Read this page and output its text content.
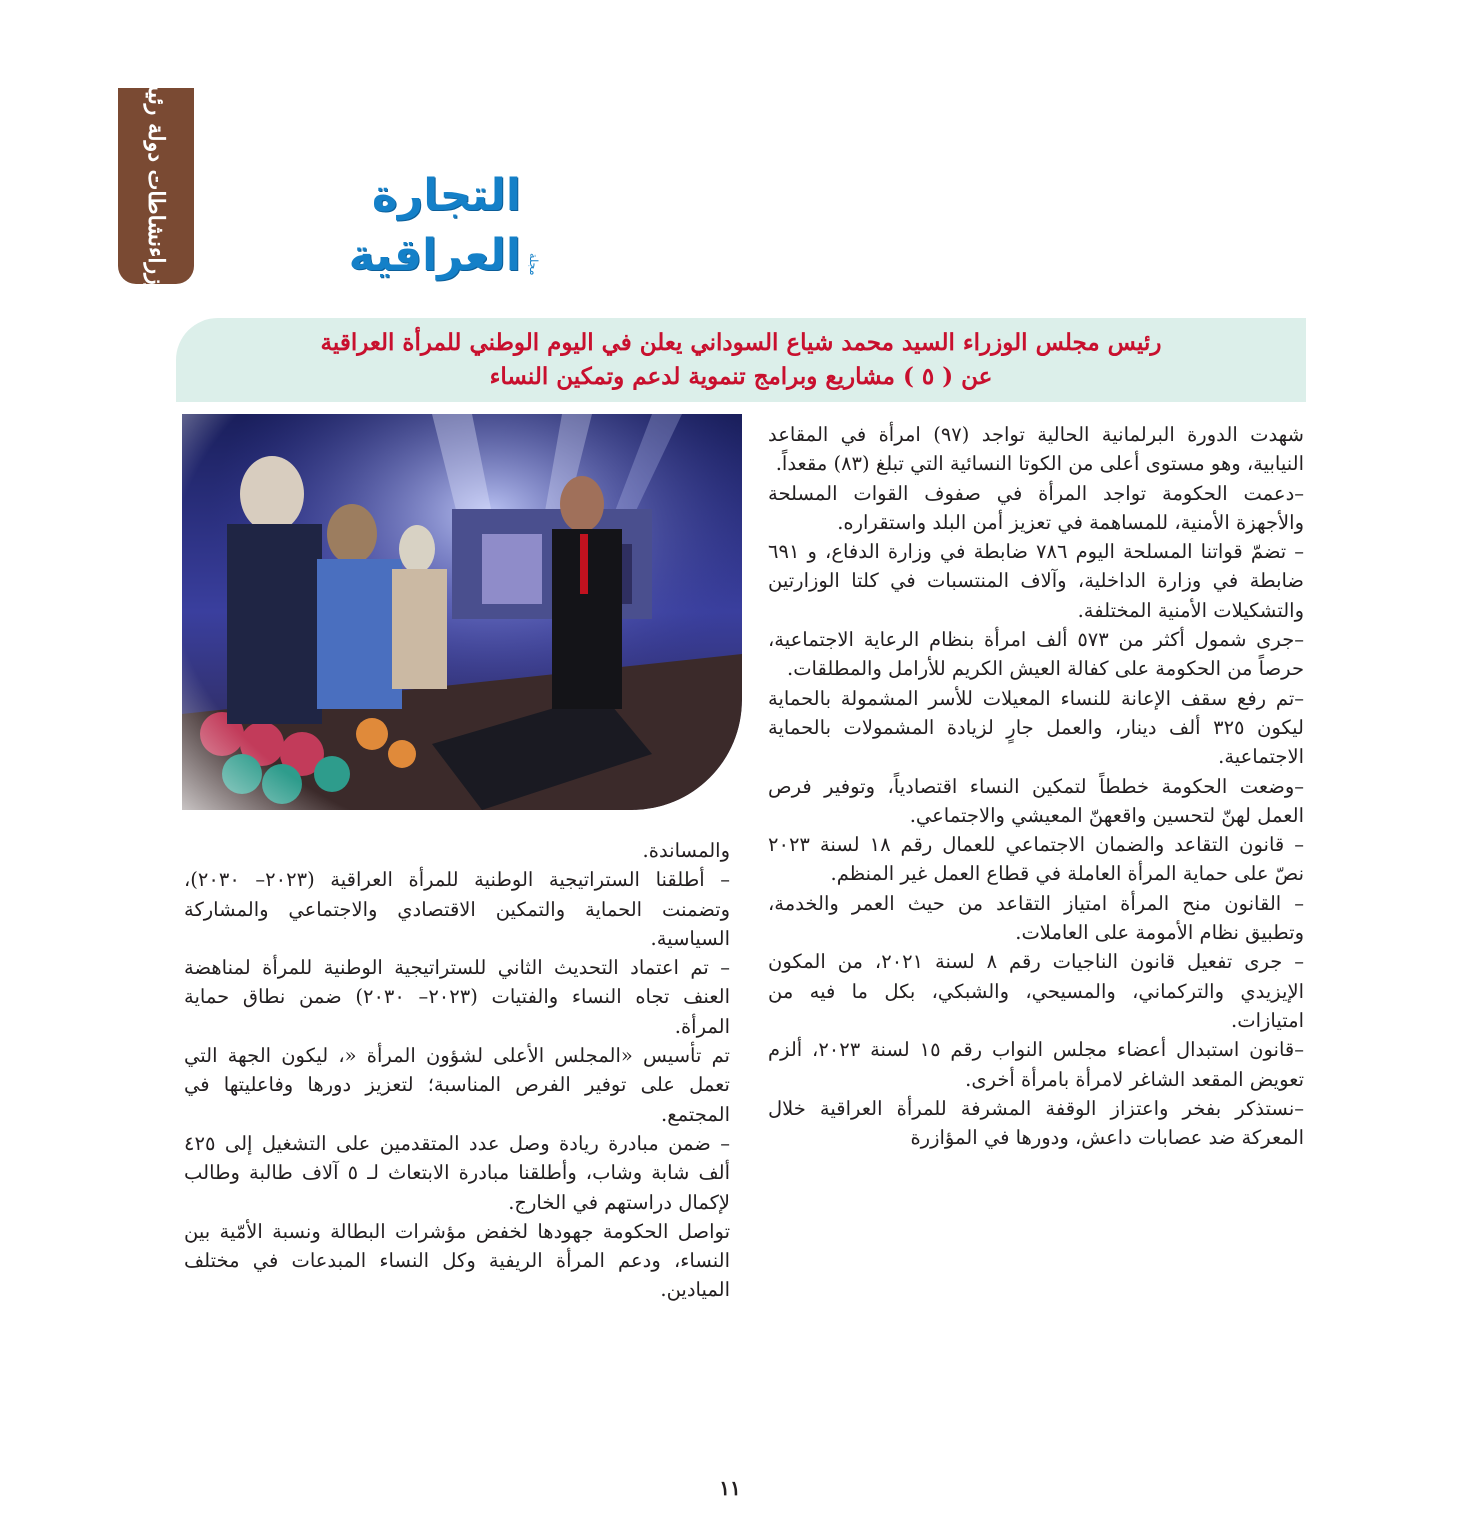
نشاطات دولة رئيس
الوزراء	مجلة
التجارة العراقية
رئيس مجلس الوزراء السيد محمد شياع السوداني يعلن في اليوم الوطني للمرأة العراقية
عن ( ٥ ) مشاريع وبرامج تنموية لدعم وتمكين النساء

شهدت الدورة البرلمانية الحالية تواجد (٩٧) امرأة في المقاعد النيابية، وهو مستوى أعلى من الكوتا النسائية التي تبلغ (٨٣) مقعداً.

–دعمت الحكومة تواجد المرأة في صفوف القوات المسلحة والأجهزة الأمنية، للمساهمة في تعزيز أمن البلد واستقراره.

– تضمّ قواتنا المسلحة اليوم ٧٨٦ ضابطة في وزارة الدفاع، و ٦٩١ ضابطة في وزارة الداخلية، وآلاف المنتسبات في كلتا الوزارتين والتشكيلات الأمنية المختلفة.

–جرى شمول أكثر من ٥٧٣ ألف امرأة بنظام الرعاية الاجتماعية، حرصاً من الحكومة على كفالة العيش الكريم للأرامل والمطلقات.

–تم رفع سقف الإعانة للنساء المعيلات للأسر المشمولة بالحماية ليكون ٣٢٥ ألف دينار، والعمل جارٍ لزيادة المشمولات بالحماية الاجتماعية.

–وضعت الحكومة خططاً لتمكين النساء اقتصادياً، وتوفير فرص العمل لهنّ لتحسين واقعهنّ المعيشي والاجتماعي.

– قانون التقاعد والضمان الاجتماعي للعمال رقم ١٨ لسنة ٢٠٢٣ نصّ على حماية المرأة العاملة في قطاع العمل غير المنظم.

– القانون منح المرأة امتياز التقاعد من حيث العمر والخدمة، وتطبيق نظام الأمومة على العاملات.

– جرى تفعيل قانون الناجيات رقم ٨ لسنة ٢٠٢١، من المكون الإيزيدي والتركماني، والمسيحي، والشبكي، بكل ما فيه من امتيازات.

–قانون استبدال أعضاء مجلس النواب رقم ١٥ لسنة ٢٠٢٣، ألزم تعويض المقعد الشاغر لامرأة بامرأة أخرى.

–نستذكر بفخر واعتزاز الوقفة المشرفة للمرأة العراقية خلال المعركة ضد عصابات داعش، ودورها في المؤازرة

والمساندة.

– أطلقنا الستراتيجية الوطنية للمرأة العراقية (٢٠٢٣– ٢٠٣٠)، وتضمنت الحماية والتمكين الاقتصادي والاجتماعي والمشاركة السياسية.

– تم اعتماد التحديث الثاني للستراتيجية الوطنية للمرأة لمناهضة العنف تجاه النساء والفتيات (٢٠٢٣– ٢٠٣٠) ضمن نطاق حماية المرأة.

تم تأسيس «المجلس الأعلى لشؤون المرأة «، ليكون الجهة التي تعمل على توفير الفرص المناسبة؛ لتعزيز دورها وفاعليتها في المجتمع.

– ضمن مبادرة ريادة وصل عدد المتقدمين على التشغيل إلى ٤٢٥ ألف شابة وشاب، وأطلقنا مبادرة الابتعاث لـ ٥ آلاف طالبة وطالب لإكمال دراستهم في الخارج.

تواصل الحكومة جهودها لخفض مؤشرات البطالة ونسبة الأمّية بين النساء، ودعم المرأة الريفية وكل النساء المبدعات في مختلف الميادين.

١١
